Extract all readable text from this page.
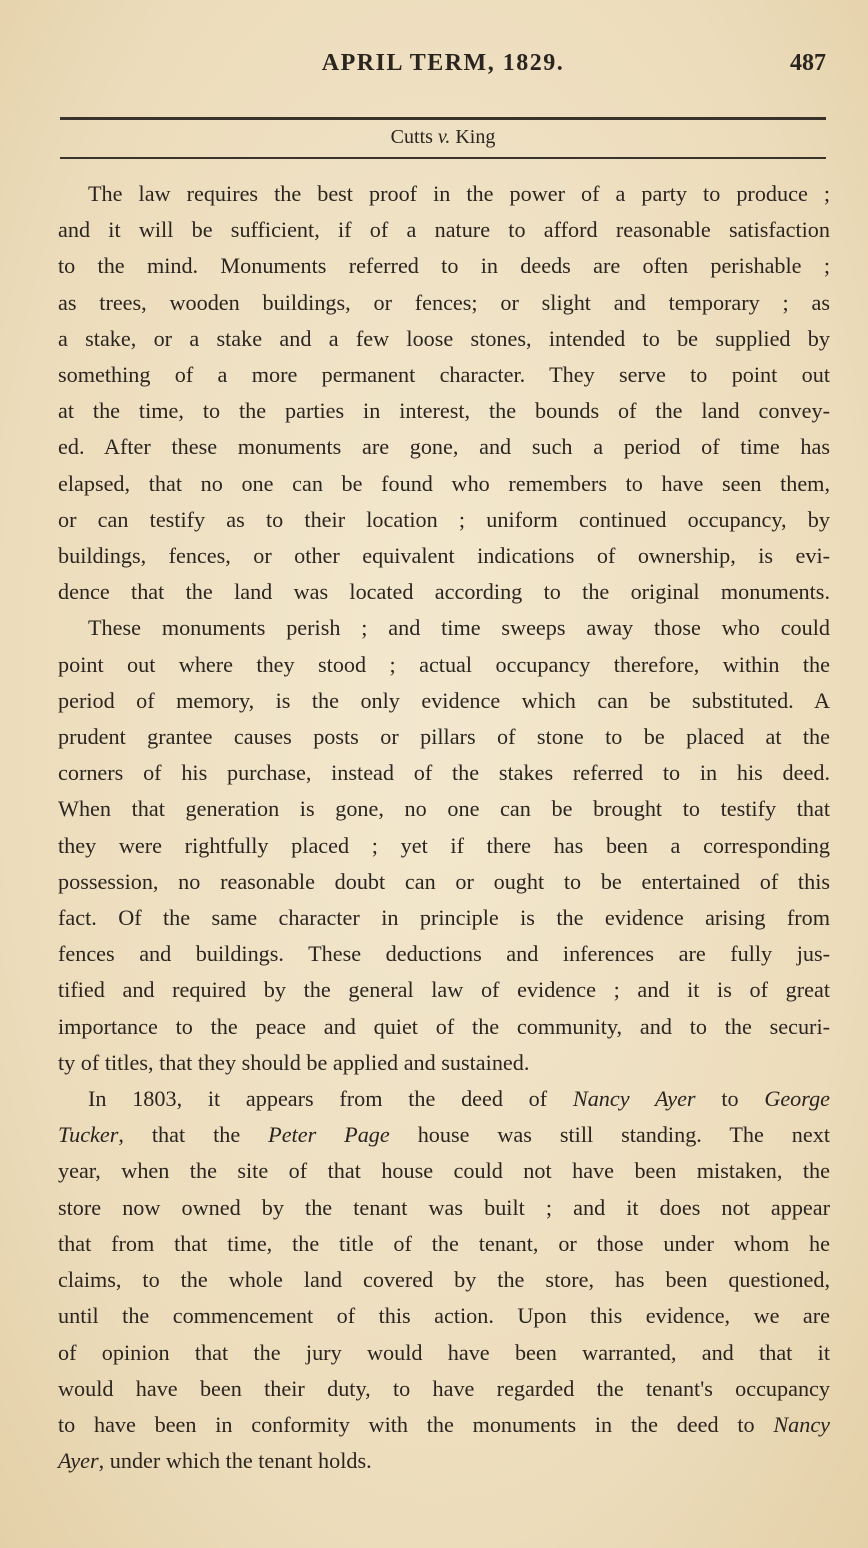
APRIL TERM, 1829.	487
Cutts v. King
The law requires the best proof in the power of a party to produce ;
and it will be sufficient, if of a nature to afford reasonable satisfaction
to the mind. Monuments referred to in deeds are often perishable ;
as trees, wooden buildings, or fences; or slight and temporary ; as
a stake, or a stake and a few loose stones, intended to be supplied by
something of a more permanent character. They serve to point out
at the time, to the parties in interest, the bounds of the land convey-
ed. After these monuments are gone, and such a period of time has
elapsed, that no one can be found who remembers to have seen them,
or can testify as to their location ; uniform continued occupancy, by
buildings, fences, or other equivalent indications of ownership, is evi-
dence that the land was located according to the original monuments.
These monuments perish ; and time sweeps away those who could
point out where they stood ; actual occupancy therefore, within the
period of memory, is the only evidence which can be substituted. A
prudent grantee causes posts or pillars of stone to be placed at the
corners of his purchase, instead of the stakes referred to in his deed.
When that generation is gone, no one can be brought to testify that
they were rightfully placed ; yet if there has been a corresponding
possession, no reasonable doubt can or ought to be entertained of this
fact. Of the same character in principle is the evidence arising from
fences and buildings. These deductions and inferences are fully jus-
tified and required by the general law of evidence ; and it is of great
importance to the peace and quiet of the community, and to the securi-
ty of titles, that they should be applied and sustained.
In 1803, it appears from the deed of Nancy Ayer to George
Tucker, that the Peter Page house was still standing. The next
year, when the site of that house could not have been mistaken, the
store now owned by the tenant was built ; and it does not appear
that from that time, the title of the tenant, or those under whom he
claims, to the whole land covered by the store, has been questioned,
until the commencement of this action. Upon this evidence, we are
of opinion that the jury would have been warranted, and that it
would have been their duty, to have regarded the tenant's occupancy
to have been in conformity with the monuments in the deed to Nancy
Ayer, under which the tenant holds.
